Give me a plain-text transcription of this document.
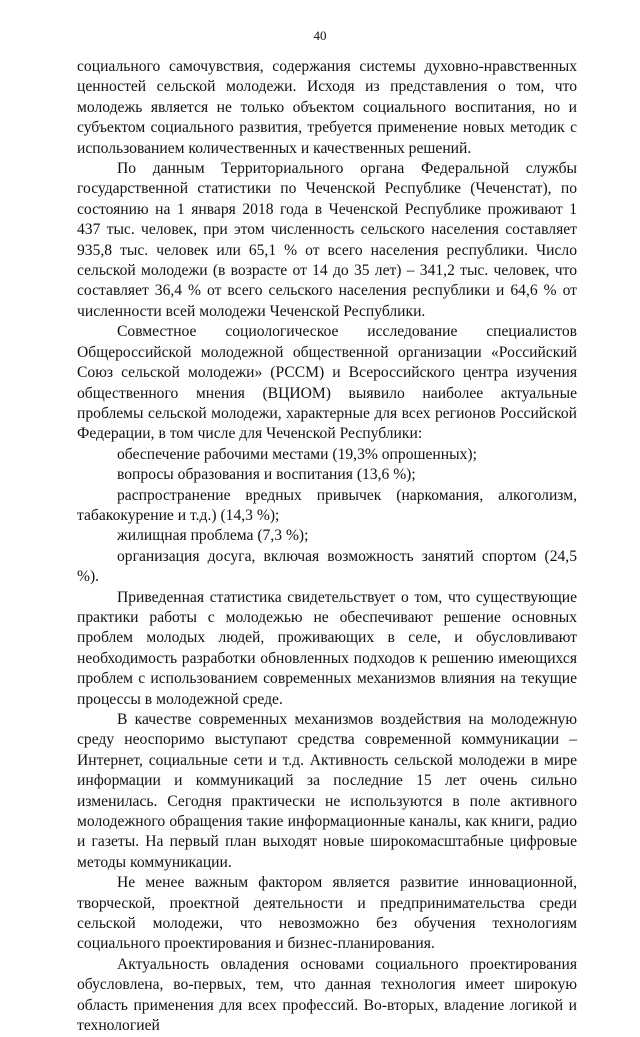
40

социального самочувствия, содержания системы духовно-нравственных ценностей сельской молодежи. Исходя из представления о том, что молодежь является не только объектом социального воспитания, но и субъектом социального развития, требуется применение новых методик с использованием количественных и качественных решений.

По данным Территориального органа Федеральной службы государственной статистики по Чеченской Республике (Чеченстат), по состоянию на 1 января 2018 года в Чеченской Республике проживают 1 437 тыс. человек, при этом численность сельского населения составляет 935,8 тыс. человек или 65,1 % от всего населения республики. Число сельской молодежи (в возрасте от 14 до 35 лет) – 341,2 тыс. человек, что составляет 36,4 % от всего сельского населения республики и 64,6 % от численности всей молодежи Чеченской Республики.

Совместное социологическое исследование специалистов Общероссийской молодежной общественной организации «Российский Союз сельской молодежи» (РССМ) и Всероссийского центра изучения общественного мнения (ВЦИОМ) выявило наиболее актуальные проблемы сельской молодежи, характерные для всех регионов Российской Федерации, в том числе для Чеченской Республики:

обеспечение рабочими местами (19,3% опрошенных);

вопросы образования и воспитания (13,6 %);

распространение вредных привычек (наркомания, алкоголизм, табакокурение и т.д.) (14,3 %);

жилищная проблема (7,3 %);

организация досуга, включая возможность занятий спортом (24,5 %).

Приведенная статистика свидетельствует о том, что существующие практики работы с молодежью не обеспечивают решение основных проблем молодых людей, проживающих в селе, и обусловливают необходимость разработки обновленных подходов к решению имеющихся проблем с использованием современных механизмов влияния на текущие процессы в молодежной среде.

В качестве современных механизмов воздействия на молодежную среду неоспоримо выступают средства современной коммуникации – Интернет, социальные сети и т.д. Активность сельской молодежи в мире информации и коммуникаций за последние 15 лет очень сильно изменилась. Сегодня практически не используются в поле активного молодежного обращения такие информационные каналы, как книги, радио и газеты. На первый план выходят новые широкомасштабные цифровые методы коммуникации.

Не менее важным фактором является развитие инновационной, творческой, проектной деятельности и предпринимательства среди сельской молодежи, что невозможно без обучения технологиям социального проектирования и бизнес-планирования.

Актуальность овладения основами социального проектирования обусловлена, во-первых, тем, что данная технология имеет широкую область применения для всех профессий. Во-вторых, владение логикой и технологией
